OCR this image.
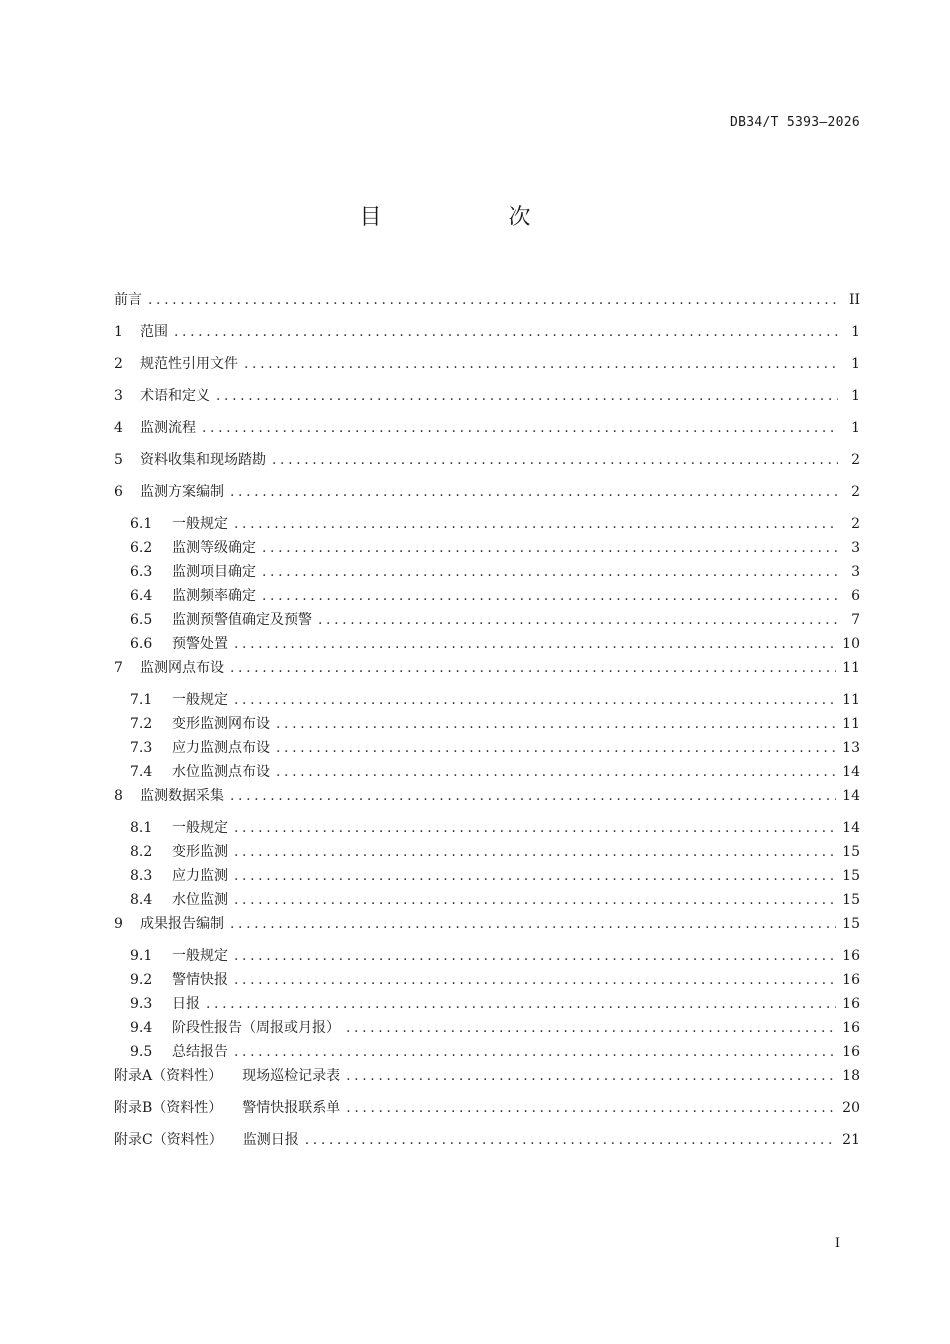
DB34/T 5393—2026
目 次
前言 .....	II
1	范围 .....	1
2	规范性引用文件 .....	1
3	术语和定义 .....	1
4	监测流程 .....	1
5	资料收集和现场踏勘 .....	2
6	监测方案编制 .....	2
6.1	一般规定 .....	2
6.2	监测等级确定 .....	3
6.3	监测项目确定 .....	3
6.4	监测频率确定 .....	6
6.5	监测预警值确定及预警 .....	7
6.6	预警处置 .....	10
7	监测网点布设 .....	11
7.1	一般规定 .....	11
7.2	变形监测网布设 .....	11
7.3	应力监测点布设 .....	13
7.4	水位监测点布设 .....	14
8	监测数据采集 .....	14
8.1	一般规定 .....	14
8.2	变形监测 .....	15
8.3	应力监测 .....	15
8.4	水位监测 .....	15
9	成果报告编制 .....	15
9.1	一般规定 .....	16
9.2	警情快报 .....	16
9.3	日报 .....	16
9.4	阶段性报告（周报或月报） .....	16
9.5	总结报告 .....	16
附录A（资料性） 现场巡检记录表 .....	18
附录B（资料性） 警情快报联系单 .....	20
附录C（资料性） 监测日报 .....	21
I
